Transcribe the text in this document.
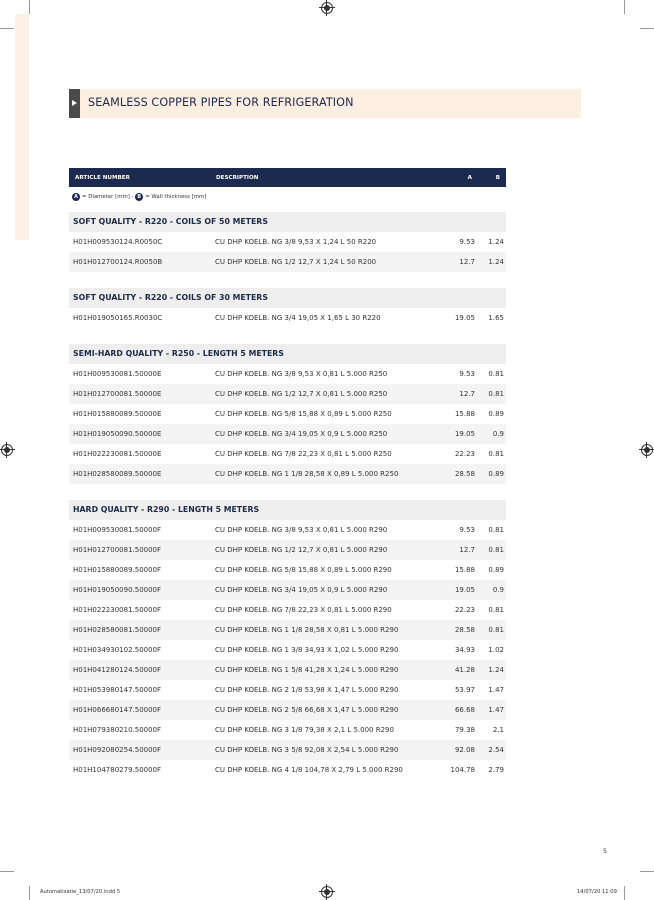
SEAMLESS COPPER PIPES FOR REFRIGERATION
ARTICLE NUMBER	DESCRIPTION	A	B
A = Diameter [mm] - B = Wall thickness [mm]
SOFT QUALITY - R220 - COILS OF 50 METERS
H01H009530124.R0050C	CU DHP KOELB. NG 3/8 9,53 X 1,24 L 50 R220	9.53 1.24
H01H012700124.R0050B	CU DHP KOELB. NG 1/2 12,7 X 1,24 L 50 R200	12.7 1.24
SOFT QUALITY - R220 - COILS OF 30 METERS
H01H019050165.R0030C	CU DHP KOELB. NG 3/4 19,05 X 1,65 L 30 R220	19.05 1.65
SEMI-HARD QUALITY - R250 - LENGTH 5 METERS
H01H009530081.50000E	CU DHP KOELB. NG 3/8 9,53 X 0,81 L 5.000 R250	9.53 0.81
H01H012700081.50000E	CU DHP KOELB. NG 1/2 12,7 X 0,81 L 5.000 R250	12.7 0.81
H01H015880089.50000E	CU DHP KOELB. NG 5/8 15,88 X 0,89 L 5.000 R250	15.88 0.89
H01H019050090.50000E	CU DHP KOELB. NG 3/4 19,05 X 0,9 L 5.000 R250	19.05	0.9
H01H022230081.50000E	CU DHP KOELB. NG 7/8 22,23 X 0,81 L 5.000 R250	22.23 0.81
H01H028580089.50000E	CU DHP KOELB. NG 1 1/8 28,58 X 0,89 L 5.000 R250	28.58 0.89
HARD QUALITY - R290 - LENGTH 5 METERS
H01H009530081.50000F	CU DHP KOELB. NG 3/8 9,53 X 0,81 L 5.000 R290	9.53 0.81
H01H012700081.50000F	CU DHP KOELB. NG 1/2 12,7 X 0,81 L 5.000 R290	12.7 0.81
H01H015880089.50000F	CU DHP KOELB. NG 5/8 15,88 X 0,89 L 5.000 R290	15.88 0.89
H01H019050090.50000F	CU DHP KOELB. NG 3/4 19,05 X 0,9 L 5.000 R290	19.05	0.9
H01H022230081.50000F	CU DHP KOELB. NG 7/8 22,23 X 0,81 L 5.000 R290	22.23 0.81
H01H028580081.50000F	CU DHP KOELB. NG 1 1/8 28,58 X 0,81 L 5.000 R290	28.58 0.81
H01H034930102.50000F	CU DHP KOELB. NG 1 3/8 34,93 X 1,02 L 5.000 R290	34.93 1.02
H01H041280124.50000F	CU DHP KOELB. NG 1 5/8 41,28 X 1,24 L 5.000 R290	41.28 1.24
H01H053980147.50000F	CU DHP KOELB. NG 2 1/8 53,98 X 1,47 L 5.000 R290	53.97 1.47
H01H066680147.50000F	CU DHP KOELB. NG 2 5/8 66,68 X 1,47 L 5.000 R290	66.68 1.47
H01H079380210.50000F	CU DHP KOELB. NG 3 1/8 79,38 X 2,1 L 5.000 R290	79.38	2.1
H01H092080254.50000F	CU DHP KOELB. NG 3 5/8 92,08 X 2,54 L 5.000 R290	92.08 2.54
H01H104780279.50000F	CU DHP KOELB. NG 4 1/8 104,78 X 2,79 L 5.000 R290	104.78 2.79
5
Automatisatie_13/07/20.indd 5	14/07/20 11:09
